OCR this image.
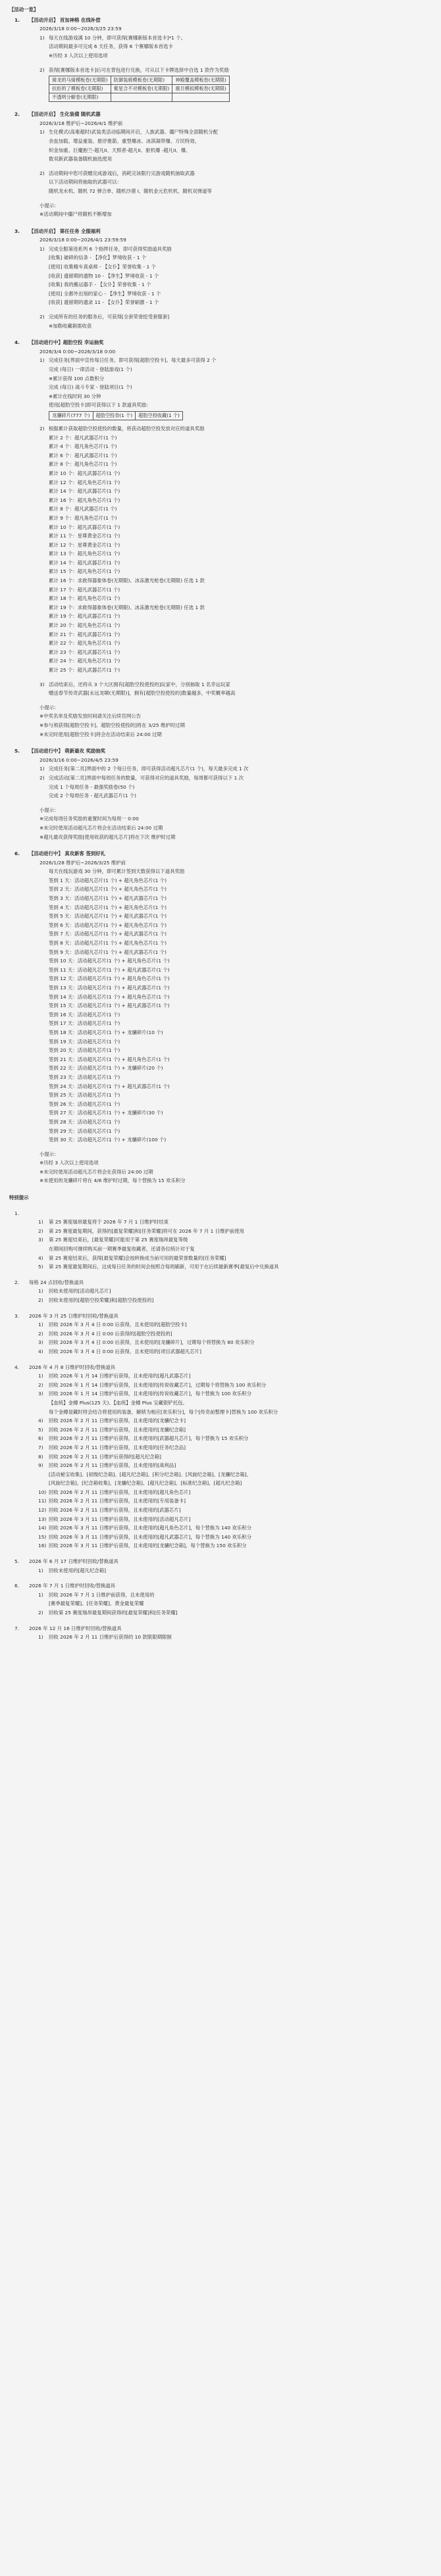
【活动一览】
1.	【活动开启】 首加神格 在线补偿
2026/3/18 0:00~2026/3/25 23:59
1) 每天在线游戏满 10 分钟，即可获得[赛娜新版本首选卡]*1 个。
活动期间最多可完成 6 天任务，获得 6 个赛娜版本首选卡
※历经 3 人次以上使用选项
2) 获得[赛娜版本首选卡]后可在背包进行兑换，可从以下卡牌选择中自选 1 款作为奖励
骑龙的马骑模板卷(无期限)	防御装骑模板卷(无期限)	神殿覆盖模板卷(无期限)
抗拒的了模板卷(无期限)	紫星合不对模板卷(无期限)	震旦模拟模板卷(无期限)
不透明分解卷(无期限)		
2.	【活动开启】 生化装備 随机武器
2026/3/18 维护后~2026/4/1 维护前
1) 生化模式(高难超时)武装类活动临期间开启，人族武器、僵尸特殊全部随机分配
余血加载、增益重装、悬浮推箭、重型爆冰、冰淇凝带爆、万民特效、
炽金加重、巨魔抱兰-超凡II、天照者-超凡II、驱机爆 -超凡II、爆、
数双新武器装备随机抽选使用
2) 活动期间中您可获赠完成游戏后，消耗完该限行完游戏随机抽取武器
以下活动期间将抽取的武器可以：
随机龙水机、随机 72 弹合单、随机沙漠 I、随机金元危机机、随机双弹道等
小提示:
※活动期间中僵尸将随机不断增加
3.	【活动开启】 第任任务 全服福利
2026/3/18 0:00~2026/4/1 23:59:59
1) 完成全服第进系列 6 个指挥任务，即可获得奖励道具奖励
[收集] 破碎的信条 - 【净化】梦境收获 - 1 个
[使用] 收集精车真桌师 - 【女仆】荣誉收集 - 1 个
[收获] 遗留期的遗物 10 - 【净生】梦境收获 - 1 个
[收集] 我的搬运器手 - 【女仆】荣誉收集 - 1 个
[使用] 全都外出刻的家心 - 【净生】梦境收获 - 1 个
[收获] 遗留期的遗录 11 - 【女仆】荣誉刷激 - 1 个
2) 完成所有的任务的服务后，可获得[全套荣誉挖受套服套]
※加勒收藏箱需收获
4.	【活动进行中】超肋空投 幸运抽奖
2026/3/4 0:00~2026/3/18 0:00
1) 完成任务[界面中宣传每日任务，即可获得[超肋空投卡]。每天最多可获得 2 个
完成 (每日) 一律活动 - 登陆游戏(1 个)
※累计获得 100 点数积分
完成 (每日) 战斗专家 - 登陆项目(1 个)
※累计在线时间 30 分钟
使用[超肋空投卡]即可获得以下 1 款道具奖励:
龙骧碎片(777 个)	超肋空投券(1 个)	超肋空投收藏(1 个)
2) 根据累计获取超肋空投使投的数量，将获动超肋空投发放对应的道具奖励
累计 2 个：超凡武器芯片(1 个)
累计 4 个：超凡角色芯片(1 个)
累计 6 个：超凡武器芯片(1 个)
累计 8 个：超凡角色芯片(1 个)
累计 10 个：超凡武器芯片(1 个)
累计 12 个：超凡角色芯片(1 个)
累计 14 个：超凡武器芯片(1 个)
累计 16 个：超凡角色芯片(1 个)
累计 8 个：超凡武器芯片(1 个)
累计 9 个：超凡角色芯片(1 个)
累计 10 个：超凡武器芯片(1 个)
累计 11 个：星尊黄金芯片(1 个)
累计 12 个：星尊黄金芯片(1 个)
累计 13 个：超凡角色芯片(1 个)
累计 14 个：超凡武器芯片(1 个)
累计 15 个：超凡角色芯片(1 个)
累计 16 个：求救得器象体卷(无期限)、冰冻激光枪卷(无期限) 任选 1 款
累计 17 个：超凡武器芯片(1 个)
累计 18 个：超凡角色芯片(1 个)
累计 19 个：求救得器象体卷(无期限)、冰冻激光枪卷(无期限) 任选 1 款
累计 19 个：超凡武器芯片(1 个)
累计 20 个：超凡角色芯片(1 个)
累计 21 个：超凡武器芯片(1 个)
累计 22 个：超凡角色芯片(1 个)
累计 23 个：超凡武器芯片(1 个)
累计 24 个：超凡角色芯片(1 个)
累计 25 个：超凡武器芯片(1 个)
3) 活动结束后，还将从 3 个大区拥有[超肋空投使投的]玩家中，分别抽取 1 名幸运玩家
赠送春节传奇武器[永远龙啸(无期限)]，拥有[超肋空投使投的]数量越多，中奖概率越高
小提示:
※中奖名单及奖励发放时间请关注后续官网公告
※参与须获得[超肋空投卡]、超肋空投使投的]将在 3/25 维护时过期
※未完时使用[超肋空投卡]将会在活动结束后 24:00 过期
5.	【活动进行中】 萌新最攻 奖励抽奖
2026/3/16 0:00~2026/4/5 23:59
1) 完成任务[第二页]界面中的 2 个每日任务，即可获得活动超凡芯片(1 个)，每天最多完成 1 次
2) 完成活动[第二页]界面中每周任务的数量，可获得对应的道具奖励，每周都可获得以下 1 次
完成 1 个每周任务 - 最强奖励卷(50 个)
完成 2 个每周任务 - 超凡武器芯片(1 个)
小提示:
※完成每周任务奖励的重置时间为每周一 0:00
※未完时使用活动超凡芯片将会在活动结束后 24:00 过期
※超凡最攻获得奖励[使用收获的超凡芯片]将在下次 维护时过期
6.	【活动进行中】 真攻新客 签到好礼
2026/1/28 维护后~2026/3/25 维护前
每天在线玩游戏 30 分钟，即可累计签到天数获得以下道具奖励
签到 1 天：活动超凡芯片(1 个) + 超凡角色芯片(1 个)
签到 2 天：活动超凡芯片(1 个) + 超凡角色芯片(1 个)
签到 3 天：活动超凡芯片(1 个) + 超凡武器芯片(1 个)
签到 4 天：活动超凡芯片(1 个) + 超凡角色芯片(1 个)
签到 5 天：活动超凡芯片(1 个) + 超凡武器芯片(1 个)
签到 6 天：活动超凡芯片(1 个) + 超凡角色芯片(1 个)
签到 7 天：活动超凡芯片(1 个) + 超凡武器芯片(1 个)
签到 8 天：活动超凡芯片(1 个) + 超凡角色芯片(1 个)
签到 9 天：活动超凡芯片(1 个) + 超凡武器芯片(1 个)
签到 10 天：活动超凡芯片(1 个) + 超凡角色芯片(1 个)
签到 11 天：活动超凡芯片(1 个) + 超凡武器芯片(1 个)
签到 12 天：活动超凡芯片(1 个) + 超凡角色芯片(1 个)
签到 13 天：活动超凡芯片(1 个) + 超凡武器芯片(1 个)
签到 14 天：活动超凡芯片(1 个) + 超凡角色芯片(1 个)
签到 15 天：活动超凡芯片(1 个) + 超凡武器芯片(1 个)
签到 16 天：活动超凡芯片(1 个)
签到 17 天：活动超凡芯片(1 个)
签到 18 天：活动超凡芯片(1 个) + 龙骧碎片(10 个)
签到 19 天：活动超凡芯片(1 个)
签到 20 天：活动超凡芯片(1 个)
签到 21 天：活动超凡芯片(1 个) + 超凡角色芯片(1 个)
签到 22 天：活动超凡芯片(1 个) + 龙骧碎片(20 个)
签到 23 天：活动超凡芯片(1 个)
签到 24 天：活动超凡芯片(1 个) + 超凡武器芯片(1 个)
签到 25 天：活动超凡芯片(1 个)
签到 26 天：活动超凡芯片(1 个)
签到 27 天：活动超凡芯片(1 个) + 龙骧碎片(30 个)
签到 28 天：活动超凡芯片(1 个)
签到 29 天：活动超凡芯片(1 个)
签到 30 天：活动超凡芯片(1 个) + 龙骧碎片(100 个)
小提示:
※历经 3 人次以上使用选项
※未完时使用活动超凡芯片将会在获得后 24:00 过期
※未使用的龙骧碎片将在 4/8 维护时过期，每个替换为 15 欢乐积分
特别提示
1.
1)	第 25 赛度瑞昂最复将于 2026 年 7 月 1 日维护时结束
2)	第 25 赛度最复期间，获得的[最复荣耀]和[任务荣耀]将可在 2026 年 7 月 1 日维护前使用
3)	第 25 赛度结束后，[最复荣耀]可能用于第 25 赛度瑞昂最复等级
在期间回购可继续购买前一期赛季最复收藏者，还请各位统计对于复
4)	第 25 赛度结束后，获得[最复荣耀]会按转换成当前可用的最荣誉数量的[任务荣耀]
5)	第 25 赛度最复期间后，这成每日任务的时间会按照合每周刷新，可用于在后续最新赛季[最复后中兑换道具
2.	每格 24 点回收/替换道具
1)	回收未使用的[活动超凡芯片]
2)	回收未使用的[超肋空投荣耀]和[超肋空投使投的]
3.	2026 年 3 月 25 日维护时回收/替换道具
1)	回收 2026 年 3 月 4 日 0:00 后获得，且未使用的[超肋空投卡]
2)	回收 2026 年 3 月 4 日 0:00 后获得的[超肋空投使投的]
3)	回收 2026 年 3 月 4 日 0:00 后获得，且未使用的[龙骧碎片]，过期每个将替换为 80 欢乐积分
4)	回收 2026 年 3 月 4 日 0:00 后获得，且未使用的[项目武器超凡芯片]
4.	2026 年 4 月 8 日维护时回收/替换道具
1)	回收 2026 年 1 月 14 日维护后获得，且未使用的[超凡武器芯片]
2)	回收 2026 年 1 月 14 日维护后获得，且未使用的[传说收藏芯片]，过期每个将替换为 100 欢乐积分
3)	回收 2026 年 1 月 14 日维护后获得，且未使用的[传说收藏芯片]，每个替换为 100 欢乐积分
【血统】金樽 Plus(125 天)、【血统】金樽 Plus 宝藏银铲托包、
每个金樽显藏时将会结合将使用的装备，解锁为相应[欢乐积分]，每个[传奇前整理卡]替换为 100 欢乐积分
4)	回收 2026 年 2 月 11 日维护后获得，且未使用的[龙骧纪念卡]
5)	回收 2026 年 2 月 11 日维护后获得，且未使用的[龙骧纪念箱]
6)	回收 2026 年 2 月 11 日维护后获得，且未使用的[武器超凡芯片]，每个替换为 15 欢乐积分
7)	回收 2026 年 2 月 11 日维护后获得，且未使用的[任务纪念品]
8)	回收 2026 年 2 月 11 日维护后获得的[超凡纪念箱]
9)	回收 2026 年 2 月 11 日维护后获得，且未使用的[战利品]
[活动秘宝收集]、[初级纪念箱]、[超凡纪念箱]、[积分纪念箱]、[风旋纪念箱]、[龙骧纪念箱]、
[风旋纪念箱]、[纪念箱收集]、[龙骧纪念箱]、[超凡纪念箱]、[标准纪念箱]、[超凡纪念箱]
10) 回收 2026 年 2 月 11 日维护后获得，且未使用的[超凡角色芯片]
11) 回收 2026 年 2 月 11 日维护后获得，且未使用的[专用装备卡]
12) 回收 2026 年 2 月 11 日维护后获得，且未使用的[武器芯片]
13) 回收 2026 年 3 月 11 日维护后获得，且未使用的[活动超凡芯片]
14) 回收 2026 年 3 月 11 日维护后获得，且未使用的[超凡角色芯片]，每个替换为 140 欢乐积分
15) 回收 2026 年 3 月 11 日维护后获得，且未使用的[超凡武器芯片]，每个替换为 140 欢乐积分
16) 回收 2026 年 3 月 11 日维护后获得，且未使用的[龙骧纪念箱]，每个替换为 150 欢乐积分
5.	2026 年 6 月 17 日维护时回收/替换道具
1)	回收未使用的[超凡纪念箱]
6.	2026 年 7 月 1 日维护时回收/替换道具
1)	回收 2026 年 7 月 1 日维护前获得，且未使用的
[赛季最复荣耀]、[任务荣耀]、黄金最复荣耀
2)	回收第 25 赛度瑞昂最复期间获得的[最复荣耀]和[任务荣耀]
7.	2026 年 12 月 16 日维护时回收/替换道具
1)	回收 2026 年 2 月 11 日维护后获得的 10 款限限期限制
